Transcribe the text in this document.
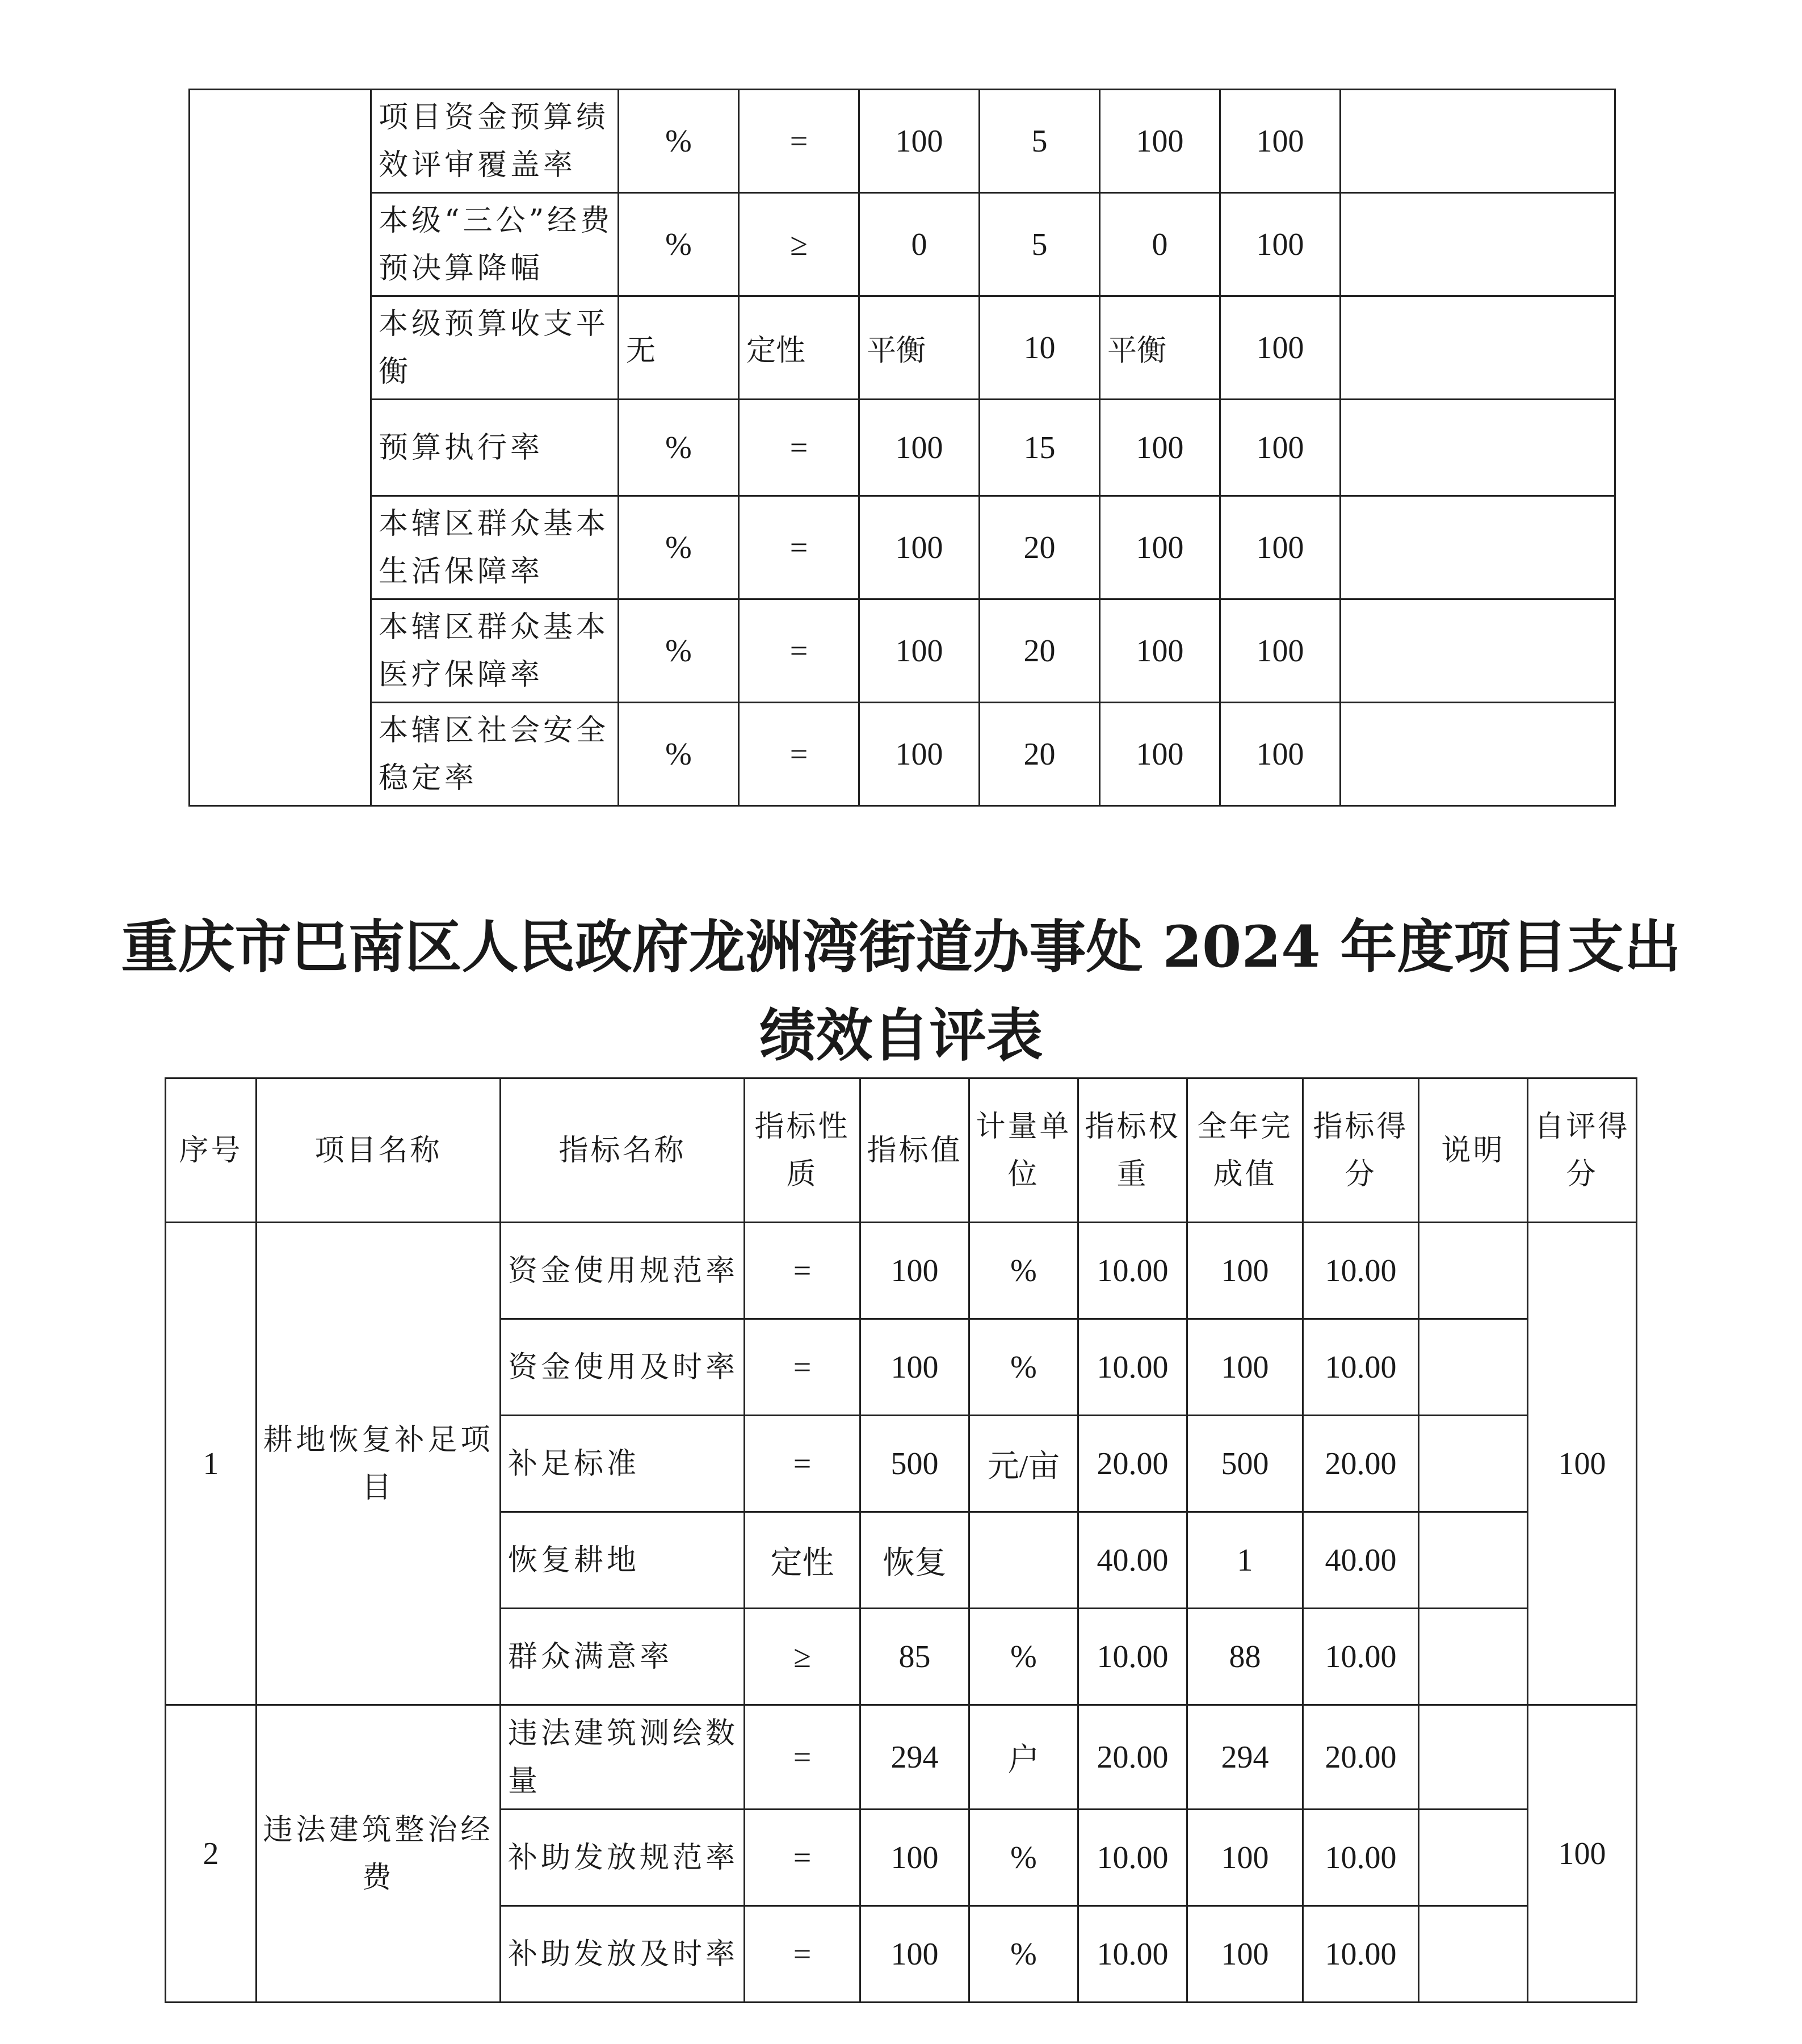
	项目资金预算绩效评审覆盖率	%	=	100	5	100	100	
	本级“三公”经费预决算降幅	%	≥	0	5	0	100	
	本级预算收支平衡	无	定性	平衡	10	平衡	100	
	预算执行率	%	=	100	15	100	100	
	本辖区群众基本生活保障率	%	=	100	20	100	100	
	本辖区群众基本医疗保障率	%	=	100	20	100	100	
	本辖区社会安全稳定率	%	=	100	20	100	100	
重庆市巴南区人民政府龙洲湾街道办事处 2024 年度项目支出
绩效自评表
序号	项目名称	指标名称	指标性质	指标值	计量单位	指标权重	全年完成值	指标得分	说明	自评得分
1	耕地恢复补足项目	资金使用规范率	=	100	%	10.00	100	10.00		100
		资金使用及时率	=	100	%	10.00	100	10.00		
		补足标准	=	500	元/亩	20.00	500	20.00		
		恢复耕地	定性	恢复		40.00	1	40.00		
		群众满意率	≥	85	%	10.00	88	10.00		
2	违法建筑整治经费	违法建筑测绘数量	=	294	户	20.00	294	20.00		100
		补助发放规范率	=	100	%	10.00	100	10.00		
		补助发放及时率	=	100	%	10.00	100	10.00		
